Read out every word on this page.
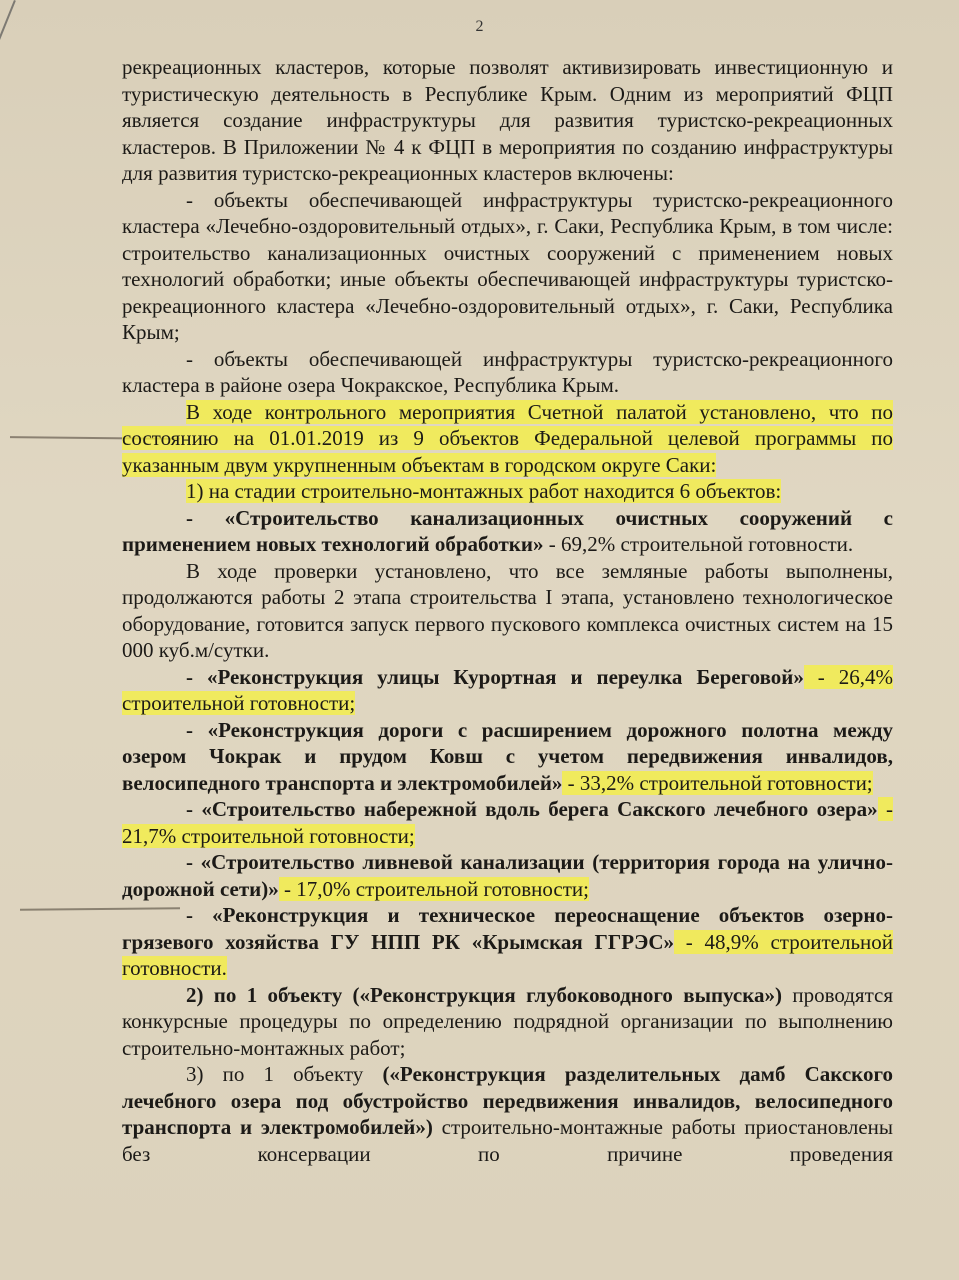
2

рекреационных кластеров, которые позволят активизировать инвестиционную и туристическую деятельность в Республике Крым. Одним из мероприятий ФЦП является создание инфраструктуры для развития туристско-рекреационных кластеров. В Приложении № 4 к ФЦП в мероприятия по созданию инфраструктуры для развития туристско-рекреационных кластеров включены:

- объекты обеспечивающей инфраструктуры туристско-рекреационного кластера «Лечебно-оздоровительный отдых», г. Саки, Республика Крым, в том числе: строительство канализационных очистных сооружений с применением новых технологий обработки; иные объекты обеспечивающей инфраструктуры туристско-рекреационного кластера «Лечебно-оздоровительный отдых», г. Саки, Республика Крым;

- объекты обеспечивающей инфраструктуры туристско-рекреационного кластера в районе озера Чокракское, Республика Крым.

В ходе контрольного мероприятия Счетной палатой установлено, что по состоянию на 01.01.2019 из 9 объектов Федеральной целевой программы по указанным двум укрупненным объектам в городском округе Саки:

1) на стадии строительно-монтажных работ находится 6 объектов:

- «Строительство канализационных очистных сооружений с применением новых технологий обработки» - 69,2% строительной готовности.

В ходе проверки установлено, что все земляные работы выполнены, продолжаются работы 2 этапа строительства I этапа, установлено технологическое оборудование, готовится запуск первого пускового комплекса очистных систем на 15 000 куб.м/сутки.

- «Реконструкция улицы Курортная и переулка Береговой» - 26,4% строительной готовности;

- «Реконструкция дороги с расширением дорожного полотна между озером Чокрак и прудом Ковш с учетом передвижения инвалидов, велосипедного транспорта и электромобилей» - 33,2% строительной готовности;

- «Строительство набережной вдоль берега Сакского лечебного озера» - 21,7% строительной готовности;

- «Строительство ливневой канализации (территория города на улично-дорожной сети)» - 17,0% строительной готовности;

- «Реконструкция и техническое переоснащение объектов озерно-грязевого хозяйства ГУ НПП РК «Крымская ГГРЭС» - 48,9% строительной готовности.

2) по 1 объекту («Реконструкция глубоководного выпуска») проводятся конкурсные процедуры по определению подрядной организации по выполнению строительно-монтажных работ;

3) по 1 объекту («Реконструкция разделительных дамб Сакского лечебного озера под обустройство передвижения инвалидов, велосипедного транспорта и электромобилей») строительно-монтажные работы приостановлены без консервации по причине проведения
